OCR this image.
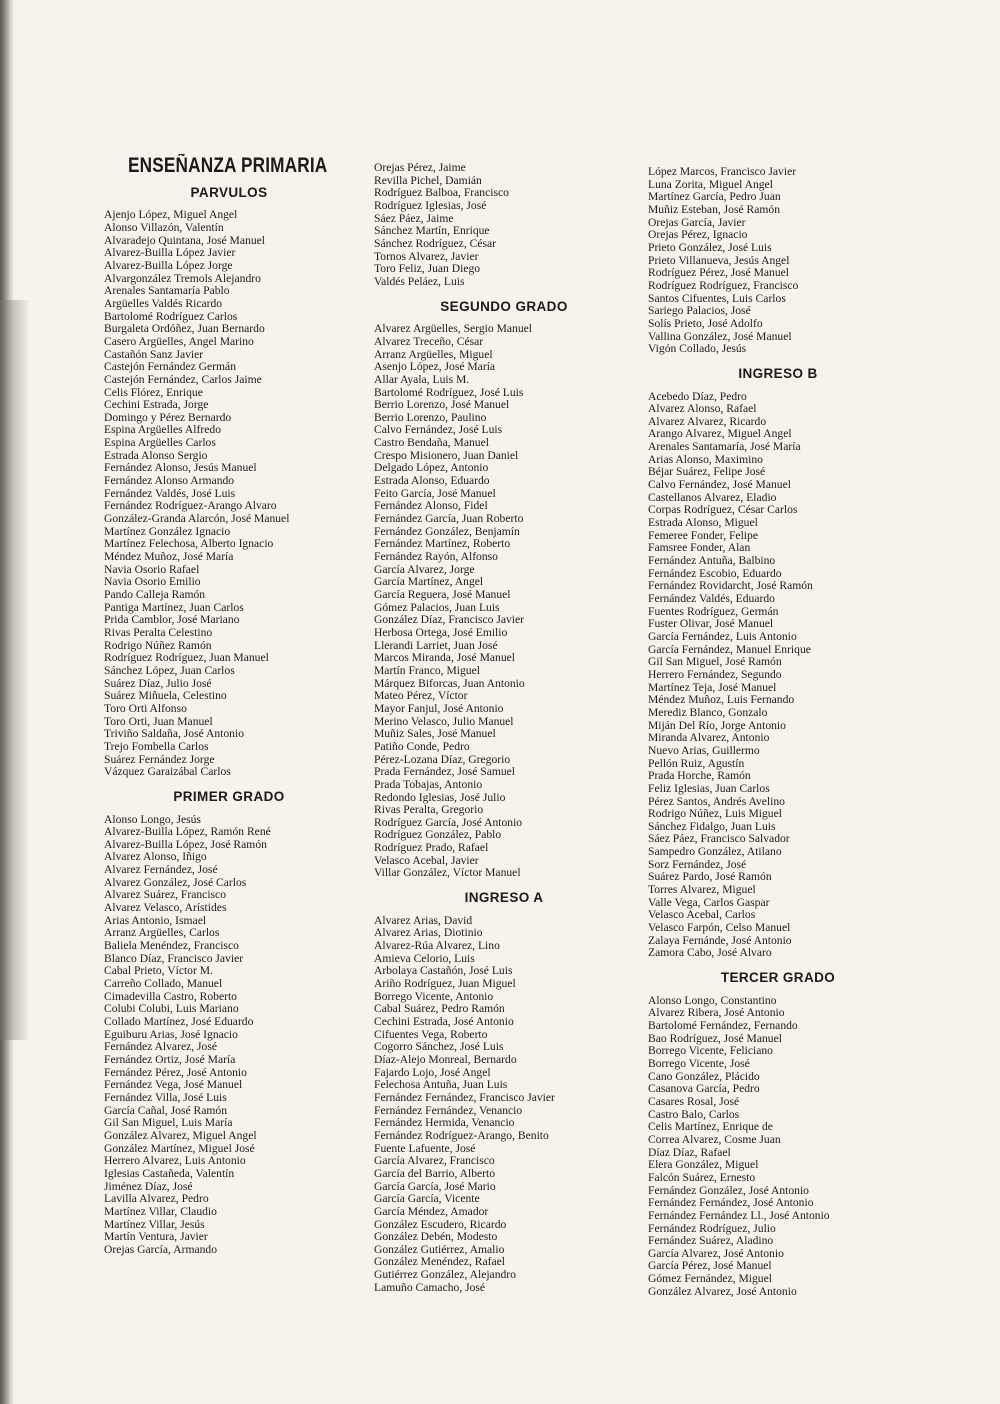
ENSEÑANZA PRIMARIA
PARVULOS
Ajenjo López, Miguel Angel
Alonso Villazón, Valentín
Alvaradejo Quintana, José Manuel
Alvarez-Builla López Javier
Alvarez-Builla López Jorge
Alvargonzález Tremols Alejandro
Arenales Santamaría Pablo
Argüelles Valdés Ricardo
Bartolomé Rodríguez Carlos
Burgaleta Ordóñez, Juan Bernardo
Casero Argüelles, Angel Marino
Castañón Sanz Javier
Castejón Fernández Germán
Castejón Fernández, Carlos Jaime
Celis Flórez, Enrique
Cechini Estrada, Jorge
Domingo y Pérez Bernardo
Espina Argüelles Alfredo
Espina Argüelles Carlos
Estrada Alonso Sergio
Fernández Alonso, Jesús Manuel
Fernández Alonso Armando
Fernández Valdés, José Luis
Fernández Rodríguez-Arango Alvaro
González-Granda Alarcón, José Manuel
Martínez González Ignacio
Martínez Felechosa, Alberto Ignacio
Méndez Muñoz, José María
Navia Osorio Rafael
Navia Osorio Emilio
Pando Calleja Ramón
Pantiga Martínez, Juan Carlos
Prida Camblor, José Mariano
Rivas Peralta Celestino
Rodrigo Núñez Ramón
Rodríguez Rodríguez, Juan Manuel
Sánchez López, Juan Carlos
Suárez Díaz, Julio José
Suárez Miñuela, Celestino
Toro Orti Alfonso
Toro Orti, Juan Manuel
Triviño Saldaña, José Antonio
Trejo Fombella Carlos
Suárez Fernández Jorge
Vázquez Garaizábal Carlos
PRIMER GRADO
Alonso Longo, Jesús
Alvarez-Builla López, Ramón René
Alvarez-Builla López, José Ramón
Alvarez Alonso, Iñigo
Alvarez Fernández, José
Alvarez González, José Carlos
Alvarez Suárez, Francisco
Alvarez Velasco, Arístides
Arias Antonio, Ismael
Arranz Argüelles, Carlos
Baliela Menéndez, Francisco
Blanco Díaz, Francisco Javier
Cabal Prieto, Víctor M.
Carreño Collado, Manuel
Cimadevilla Castro, Roberto
Colubi Colubi, Luis Mariano
Collado Martínez, José Eduardo
Eguiburu Arias, José Ignacio
Fernández Alvarez, José
Fernández Ortiz, José María
Fernández Pérez, José Antonio
Fernández Vega, José Manuel
Fernández Villa, José Luis
García Cañal, José Ramón
Gil San Miguel, Luis María
González Alvarez, Miguel Angel
González Martínez, Miguel José
Herrero Alvarez, Luis Antonio
Iglesias Castañeda, Valentín
Jiménez Díaz, José
Lavilla Alvarez, Pedro
Martínez Villar, Claudio
Martínez Villar, Jesús
Martín Ventura, Javier
Orejas García, Armando
Orejas Pérez, Jaime
Revilla Pichel, Damián
Rodríguez Balboa, Francisco
Rodríguez Iglesias, José
Sáez Páez, Jaime
Sánchez Martín, Enrique
Sánchez Rodríguez, César
Tornos Alvarez, Javier
Toro Feliz, Juan Diego
Valdés Peláez, Luis
SEGUNDO GRADO
Alvarez Argüelles, Sergio Manuel
Alvarez Treceño, César
Arranz Argüelles, Miguel
Asenjo López, José María
Allar Ayala, Luis M.
Bartolomé Rodríguez, José Luis
Berrio Lorenzo, José Manuel
Berrio Lorenzo, Paulino
Calvo Fernández, José Luis
Castro Bendaña, Manuel
Crespo Misionero, Juan Daniel
Delgado López, Antonio
Estrada Alonso, Eduardo
Feito García, José Manuel
Fernández Alonso, Fidel
Fernández García, Juan Roberto
Fernández González, Benjamín
Fernández Martínez, Roberto
Fernández Rayón, Alfonso
García Alvarez, Jorge
García Martínez, Angel
García Reguera, José Manuel
Gómez Palacios, Juan Luis
González Díaz, Francisco Javier
Herbosa Ortega, José Emilio
Llerandi Larriet, Juan José
Marcos Miranda, José Manuel
Martín Franco, Miguel
Márquez Biforcas, Juan Antonio
Mateo Pérez, Víctor
Mayor Fanjul, José Antonio
Merino Velasco, Julio Manuel
Muñiz Sales, José Manuel
Patiño Conde, Pedro
Pérez-Lozana Díaz, Gregorio
Prada Fernández, José Samuel
Prada Tobajas, Antonio
Redondo Iglesias, José Julio
Rivas Peralta, Gregorio
Rodríguez García, José Antonio
Rodríguez González, Pablo
Rodríguez Prado, Rafael
Velasco Acebal, Javier
Villar González, Víctor Manuel
INGRESO A
Alvarez Arias, David
Alvarez Arias, Diotinio
Alvarez-Rúa Alvarez, Lino
Amieva Celorio, Luis
Arbolaya Castañón, José Luis
Ariño Rodríguez, Juan Miguel
Borrego Vicente, Antonio
Cabal Suárez, Pedro Ramón
Cechini Estrada, José Antonio
Cifuentes Vega, Roberto
Cogorro Sánchez, José Luis
Díaz-Alejo Monreal, Bernardo
Fajardo Lojo, José Angel
Felechosa Antuña, Juan Luis
Fernández Fernández, Francisco Javier
Fernández Fernández, Venancio
Fernández Hermida, Venancio
Fernández Rodríguez-Arango, Benito
Fuente Lafuente, José
García Alvarez, Francisco
García del Barrio, Alberto
García García, José Mario
García García, Vicente
García Méndez, Amador
González Escudero, Ricardo
González Debén, Modesto
González Gutiérrez, Amalio
González Menéndez, Rafael
Gutiérrez González, Alejandro
Lamuño Camacho, José
López Marcos, Francisco Javier
Luna Zorita, Miguel Angel
Martínez García, Pedro Juan
Muñiz Esteban, José Ramón
Orejas García, Javier
Orejas Pérez, Ignacio
Prieto González, José Luis
Prieto Villanueva, Jesús Angel
Rodríguez Pérez, José Manuel
Rodríguez Rodríguez, Francisco
Santos Cifuentes, Luis Carlos
Sariego Palacios, José
Solís Prieto, José Adolfo
Vallina González, José Manuel
Vigón Collado, Jesús
INGRESO B
Acebedo Díaz, Pedro
Alvarez Alonso, Rafael
Alvarez Alvarez, Ricardo
Arango Alvarez, Miguel Angel
Arenales Santamaría, José María
Arias Alonso, Maximino
Béjar Suárez, Felipe José
Calvo Fernández, José Manuel
Castellanos Alvarez, Eladio
Corpas Rodríguez, César Carlos
Estrada Alonso, Miguel
Femeree Fonder, Felipe
Famsree Fonder, Alan
Fernández Antuña, Balbino
Fernández Escobio, Eduardo
Fernández Rovidarcht, José Ramón
Fernández Valdés, Eduardo
Fuentes Rodríguez, Germán
Fuster Olivar, José Manuel
García Fernández, Luis Antonio
García Fernández, Manuel Enrique
Gil San Miguel, José Ramón
Herrero Fernández, Segundo
Martínez Teja, José Manuel
Méndez Muñoz, Luis Fernando
Merediz Blanco, Gonzalo
Miján Del Río, Jorge Antonio
Miranda Alvarez, Antonio
Nuevo Arias, Guillermo
Pellón Ruiz, Agustín
Prada Horche, Ramón
Feliz Iglesias, Juan Carlos
Pérez Santos, Andrés Avelino
Rodrigo Núñez, Luis Miguel
Sánchez Fidalgo, Juan Luis
Sáez Páez, Francisco Salvador
Sampedro González, Atilano
Sorz Fernández, José
Suárez Pardo, José Ramón
Torres Alvarez, Miguel
Valle Vega, Carlos Gaspar
Velasco Acebal, Carlos
Velasco Farpón, Celso Manuel
Zalaya Fernánde, José Antonio
Zamora Cabo, José Alvaro
TERCER GRADO
Alonso Longo, Constantino
Alvarez Ribera, José Antonio
Bartolomé Fernández, Fernando
Bao Rodríguez, José Manuel
Borrego Vicente, Feliciano
Borrego Vicente, José
Cano González, Plácido
Casanova García, Pedro
Casares Rosal, José
Castro Balo, Carlos
Celis Martínez, Enrique de
Correa Alvarez, Cosme Juan
Díaz Díaz, Rafael
Elera González, Miguel
Falcón Suárez, Ernesto
Fernández González, José Antonio
Fernández Fernández, José Antonio
Fernández Fernández Ll., José Antonio
Fernández Rodríguez, Julio
Fernández Suárez, Aladino
García Alvarez, José Antonio
García Pérez, José Manuel
Gómez Fernández, Miguel
González Alvarez, José Antonio
